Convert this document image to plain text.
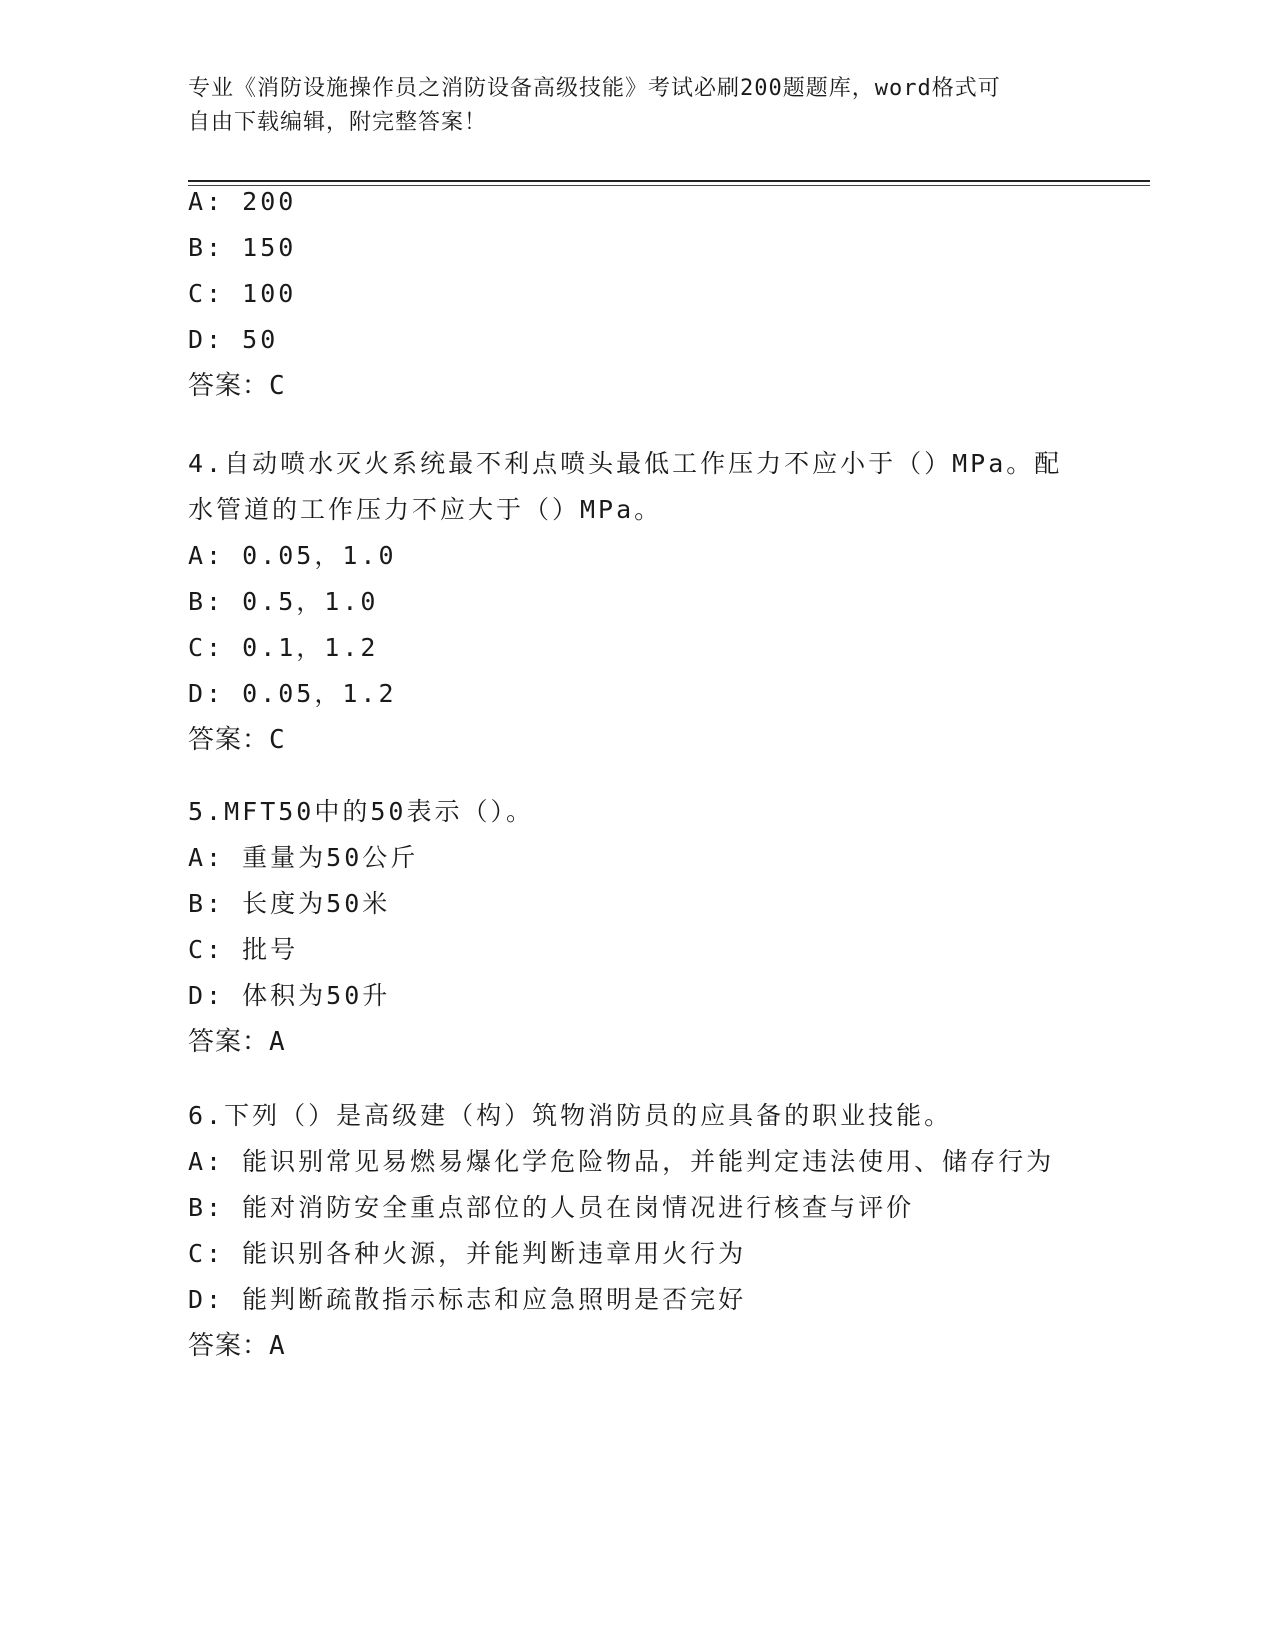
专业《消防设施操作员之消防设备高级技能》考试必刷200题题库，word格式可
自由下载编辑，附完整答案！
A: 200
B: 150
C: 100
D: 50
答案：C
4.自动喷水灭火系统最不利点喷头最低工作压力不应小于（）MPa。配
水管道的工作压力不应大于（）MPa。
A: 0.05，1.0
B: 0.5，1.0
C: 0.1，1.2
D: 0.05，1.2
答案：C
5.MFT50中的50表示（）。
A: 重量为50公斤
B: 长度为50米
C: 批号
D: 体积为50升
答案：A
6.下列（）是高级建（构）筑物消防员的应具备的职业技能。
A: 能识别常见易燃易爆化学危险物品，并能判定违法使用、储存行为
B: 能对消防安全重点部位的人员在岗情况进行核查与评价
C: 能识别各种火源，并能判断违章用火行为
D: 能判断疏散指示标志和应急照明是否完好
答案：A
